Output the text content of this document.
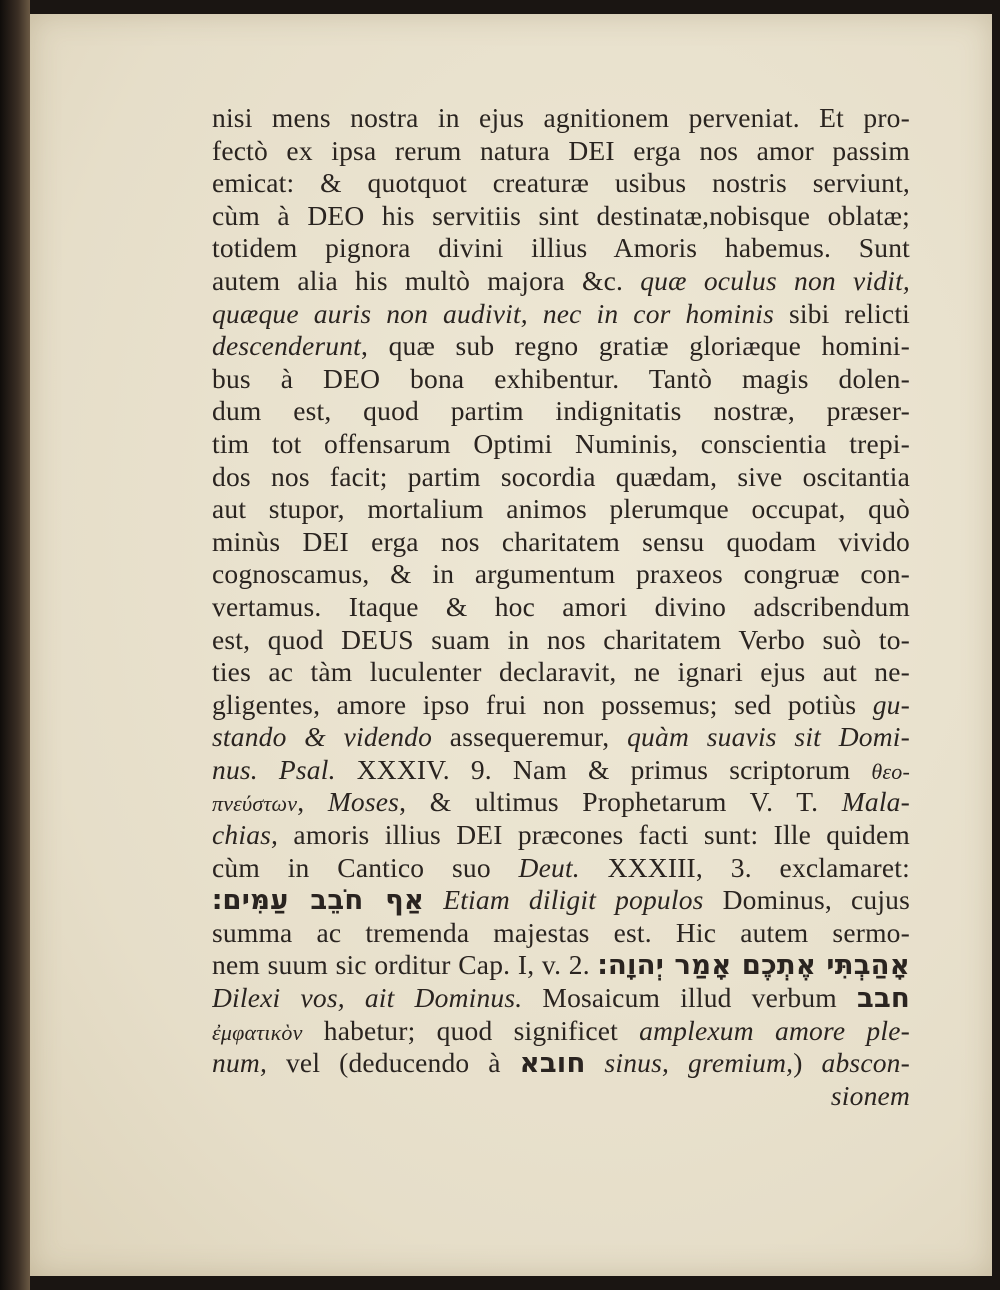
nisi mens nostra in ejus agnitionem perveniat. Et pro-
fectò ex ipsa rerum natura DEI erga nos amor passim
emicat: & quotquot creaturæ usibus nostris serviunt,
cùm à DEO his servitiis sint destinatæ,nobisque oblatæ;
totidem pignora divini illius Amoris habemus. Sunt
autem alia his multò majora &c. quæ oculus non vidit,
quæque auris non audivit, nec in cor hominis sibi relicti
descenderunt, quæ sub regno gratiæ gloriæque homini-
bus à DEO bona exhibentur. Tantò magis dolen-
dum est, quod partim indignitatis nostræ, præser-
tim tot offensarum Optimi Numinis, conscientia trepi-
dos nos facit; partim socordia quædam, sive oscitantia
aut stupor, mortalium animos plerumque occupat, quò
minùs DEI erga nos charitatem sensu quodam vivido
cognoscamus, & in argumentum praxeos congruæ con-
vertamus. Itaque & hoc amori divino adscribendum
est, quod DEUS suam in nos charitatem Verbo suò to-
ties ac tàm luculenter declaravit, ne ignari ejus aut ne-
gligentes, amore ipso frui non possemus; sed potiùs gu-
stando & videndo assequeremur, quàm suavis sit Domi-
nus. Psal. XXXIV. 9. Nam & primus scriptorum θεο-
πνεύστων, Moses, & ultimus Prophetarum V. T. Mala-
chias, amoris illius DEI præcones facti sunt: Ille quidem
cùm in Cantico suo Deut. XXXIII, 3. exclamaret:
אַף חֹבֵב עַמִּים׃ Etiam diligit populos Dominus, cujus
summa ac tremenda majestas est. Hic autem sermo-
nem suum sic orditur Cap. I, v. 2. אָהַבְתִּי אֶתְכֶם אָמַר יְהוָה׃
Dilexi vos, ait Dominus. Mosaicum illud verbum חבב
ἐμφατικὸν habetur; quod significet amplexum amore ple-
num, vel (deducendo à חובא sinus, gremium,) abscon-
sionem
